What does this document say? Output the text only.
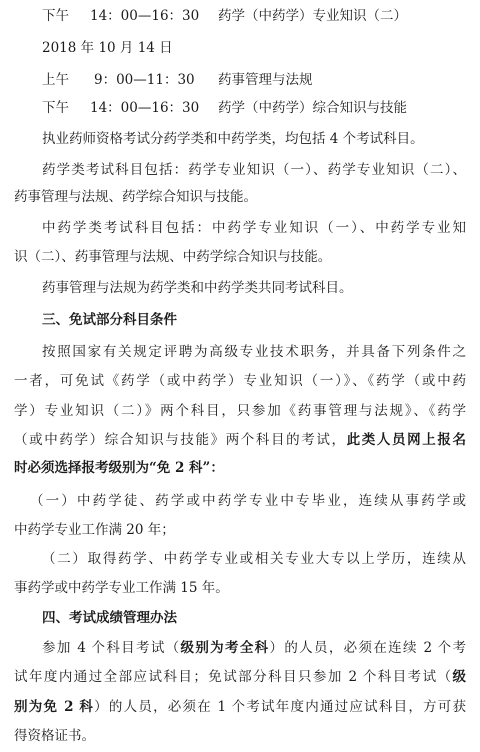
下午 14：00—16：30 药学（中药学）专业知识（二）
2018 年 10 月 14 日
上午 9：00—11：30 药事管理与法规
下午 14：00—16：30 药学（中药学）综合知识与技能
执业药师资格考试分药学类和中药学类，均包括 4 个考试科目。
药学类考试科目包括：药学专业知识（一）、药学专业知识（二）、
药事管理与法规、药学综合知识与技能。
中药学类考试科目包括：中药学专业知识（一）、中药学专业知
识（二）、药事管理与法规、中药学综合知识与技能。
药事管理与法规为药学类和中药学类共同考试科目。
三、免试部分科目条件
按照国家有关规定评聘为高级专业技术职务，并具备下列条件之
一者，可免试《药学（或中药学）专业知识（一）》、《药学（或中药
学）专业知识（二）》两个科目，只参加《药事管理与法规》、《药学
（或中药学）综合知识与技能》两个科目的考试，此类人员网上报名
时必须选择报考级别为“免 2 科”：
（一）中药学徒、药学或中药学专业中专毕业，连续从事药学或
中药学专业工作满 20 年；
（二）取得药学、中药学专业或相关专业大专以上学历，连续从
事药学或中药学专业工作满 15 年。
四、考试成绩管理办法
参加 4 个科目考试（级别为考全科）的人员，必须在连续 2 个考
试年度内通过全部应试科目；免试部分科目只参加 2 个科目考试（级
别为免 2 科）的人员，必须在 1 个考试年度内通过应试科目，方可获
得资格证书。
